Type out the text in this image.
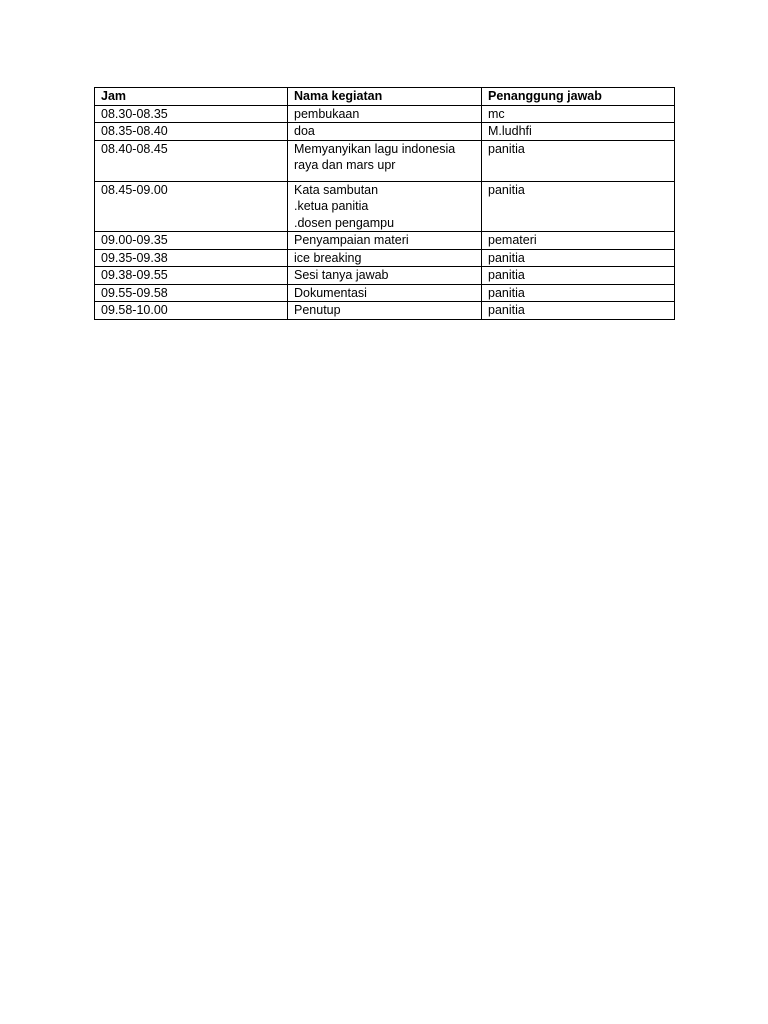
Jam	Nama kegiatan	Penanggung jawab
08.30-08.35	pembukaan	mc
08.35-08.40	doa	M.ludhfi
08.40-08.45	Memyanyikan lagu indonesia raya dan mars upr	panitia
08.45-09.00	Kata sambutan
.ketua panitia
.dosen pengampu	panitia
09.00-09.35	Penyampaian materi	pemateri
09.35-09.38	ice breaking	panitia
09.38-09.55	Sesi tanya jawab	panitia
09.55-09.58	Dokumentasi	panitia
09.58-10.00	Penutup	panitia
